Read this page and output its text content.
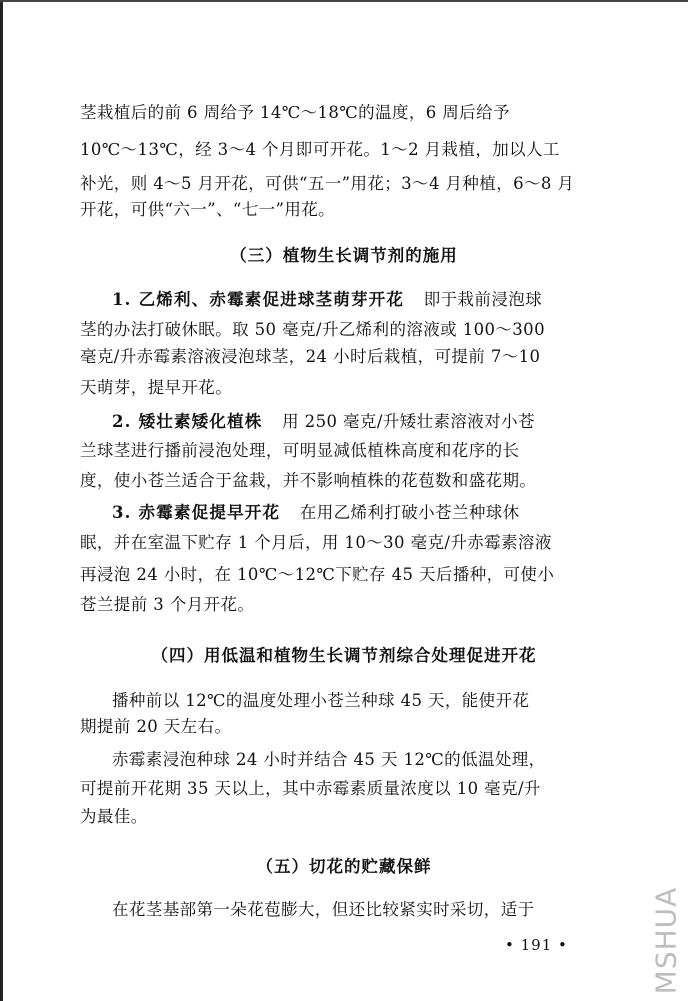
茎栽植后的前 6 周给予 14℃～18℃的温度，6 周后给予
10℃～13℃，经 3～4 个月即可开花。1～2 月栽植，加以人工
补光，则 4～5 月开花，可供“五一”用花；3～4 月种植，6～8 月
开花，可供“六一”、“七一”用花。
（三）植物生长调节剂的施用
1. 乙烯利、赤霉素促进球茎萌芽开花 即于栽前浸泡球
茎的办法打破休眠。取 50 毫克/升乙烯利的溶液或 100～300
毫克/升赤霉素溶液浸泡球茎，24 小时后栽植，可提前 7～10
天萌芽，提早开花。
2. 矮壮素矮化植株 用 250 毫克/升矮壮素溶液对小苍
兰球茎进行播前浸泡处理，可明显减低植株高度和花序的长
度，使小苍兰适合于盆栽，并不影响植株的花苞数和盛花期。
3. 赤霉素促提早开花 在用乙烯利打破小苍兰种球休
眠，并在室温下贮存 1 个月后，用 10～30 毫克/升赤霉素溶液
再浸泡 24 小时，在 10℃～12℃下贮存 45 天后播种，可使小
苍兰提前 3 个月开花。
（四）用低温和植物生长调节剂综合处理促进开花
播种前以 12℃的温度处理小苍兰种球 45 天，能使开花
期提前 20 天左右。
赤霉素浸泡种球 24 小时并结合 45 天 12℃的低温处理，
可提前开花期 35 天以上，其中赤霉素质量浓度以 10 毫克/升
为最佳。
（五）切花的贮藏保鲜
在花茎基部第一朵花苞膨大，但还比较紧实时采切，适于
• 191 •	MSHUA
